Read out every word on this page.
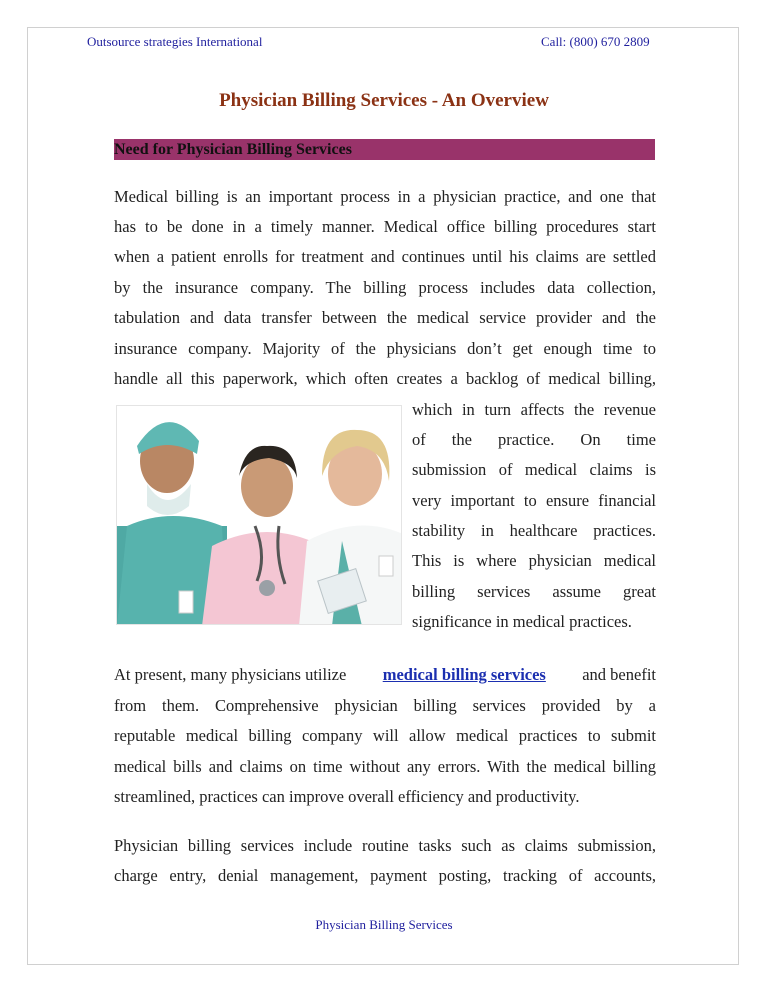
Outsource strategies International	Call: (800) 670 2809
Physician Billing Services - An Overview
Need for Physician Billing Services
Medical billing is an important process in a physician practice, and one that
has to be done in a timely manner. Medical office billing procedures start
when a patient enrolls for treatment and continues until his claims are settled
by the insurance company. The billing process includes data collection,
tabulation and data transfer between the medical service provider and the
insurance company. Majority of the physicians don’t get enough time to
handle all this paperwork, which often creates a backlog of medical billing,
which in turn affects the revenue
of the practice. On time
submission of medical claims is
very important to ensure financial
stability in healthcare practices.
This is where physician medical
billing services assume great
significance in medical practices.
At present, many physicians utilize medical billing services and benefit
from them. Comprehensive physician billing services provided by a
reputable medical billing company will allow medical practices to submit
medical bills and claims on time without any errors. With the medical billing
streamlined, practices can improve overall efficiency and productivity.
Physician billing services include routine tasks such as claims submission,
charge entry, denial management, payment posting, tracking of accounts,
Physician Billing Services
